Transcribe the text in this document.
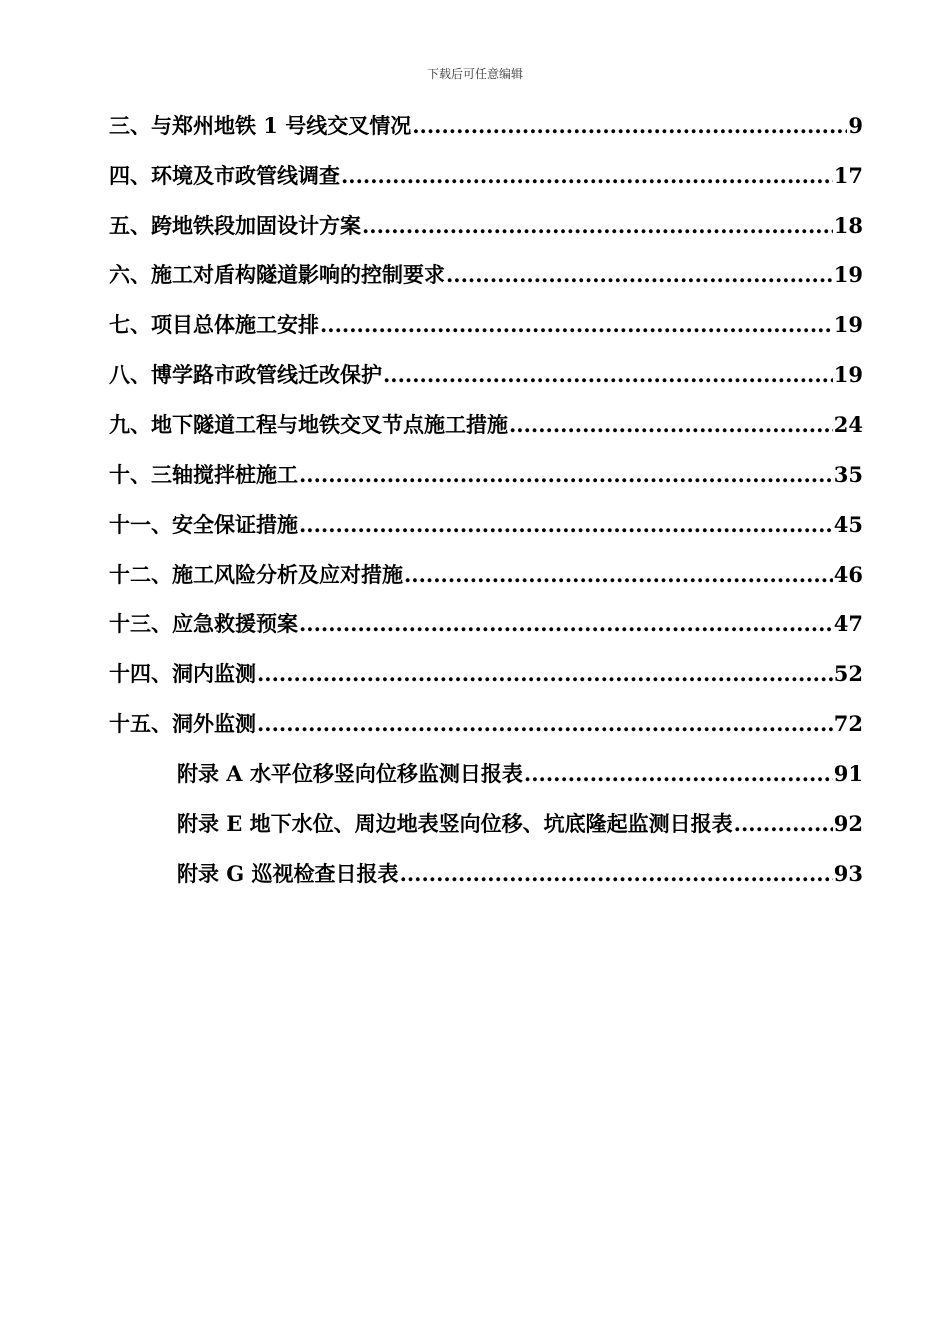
下载后可任意编辑
三、与郑州地铁 1 号线交叉情况 .....	9
四、环境及市政管线调查 .....	17
五、跨地铁段加固设计方案 .....	18
六、施工对盾构隧道影响的控制要求 .....	19
七、项目总体施工安排 .....	19
八、博学路市政管线迁改保护 .....	19
九、地下隧道工程与地铁交叉节点施工措施 .....	24
十、三轴搅拌桩施工 .....	35
十一、安全保证措施 .....	45
十二、施工风险分析及应对措施 .....	46
十三、应急救援预案 .....	47
十四、洞内监测 .....	52
十五、洞外监测 .....	72
附录 A 水平位移竖向位移监测日报表 .....	91
附录 E 地下水位、周边地表竖向位移、坑底隆起监测日报表 .....	92
附录 G 巡视检查日报表 .....	93
